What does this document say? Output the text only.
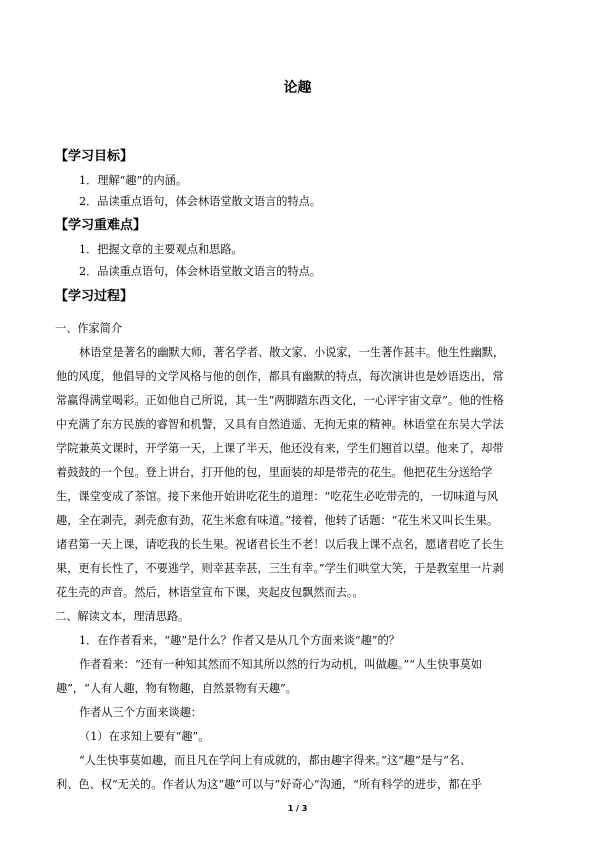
论趣
【学习目标】
1．理解“趣”的内涵。
2．品读重点语句，体会林语堂散文语言的特点。
【学习重难点】
1．把握文章的主要观点和思路。
2．品读重点语句，体会林语堂散文语言的特点。
【学习过程】
一、作家简介
林语堂是著名的幽默大师，著名学者、散文家、小说家，一生著作甚丰。他生性幽默，
他的风度，他倡导的文学风格与他的创作，都具有幽默的特点，每次演讲也是妙语迭出，常
常赢得满堂喝彩。正如他自己所说，其一生“两脚踏东西文化，一心评宇宙文章”。他的性格
中充满了东方民族的睿智和机警，又具有自然逍遥、无拘无束的精神。林语堂在东吴大学法
学院兼英文课时，开学第一天，上课了半天，他还没有来，学生们翘首以望。他来了，却带
着鼓鼓的一个包。登上讲台，打开他的包，里面装的却是带壳的花生。他把花生分送给学
生，课堂变成了茶馆。接下来他开始讲吃花生的道理：“吃花生必吃带壳的，一切味道与风
趣，全在剥壳，剥壳愈有劲，花生米愈有味道。”接着，他转了话题：“花生米又叫长生果。
诸君第一天上课，请吃我的长生果。祝诸君长生不老！以后我上课不点名，愿诸君吃了长生
果，更有长性了，不要逃学，则幸甚幸甚，三生有幸。”学生们哄堂大笑，于是教室里一片剥
花生壳的声音。然后，林语堂宣布下课，夹起皮包飘然而去。。
二、解读文本，理清思路。
1．在作者看来，“趣”是什么？作者又是从几个方面来谈“趣”的？
作者看来：“还有一种知其然而不知其所以然的行为动机，叫做趣。”“人生快事莫如
趣”，“人有人趣，物有物趣，自然景物有天趣”。
作者从三个方面来谈趣：
（1）在求知上要有“趣”。
“人生快事莫如趣，而且凡在学问上有成就的，都由趣字得来。”这“趣”是与“名、
利、色、权”无关的。作者认为这“趣”可以与“好奇心”沟通，“所有科学的进步，都在乎
1 / 3
